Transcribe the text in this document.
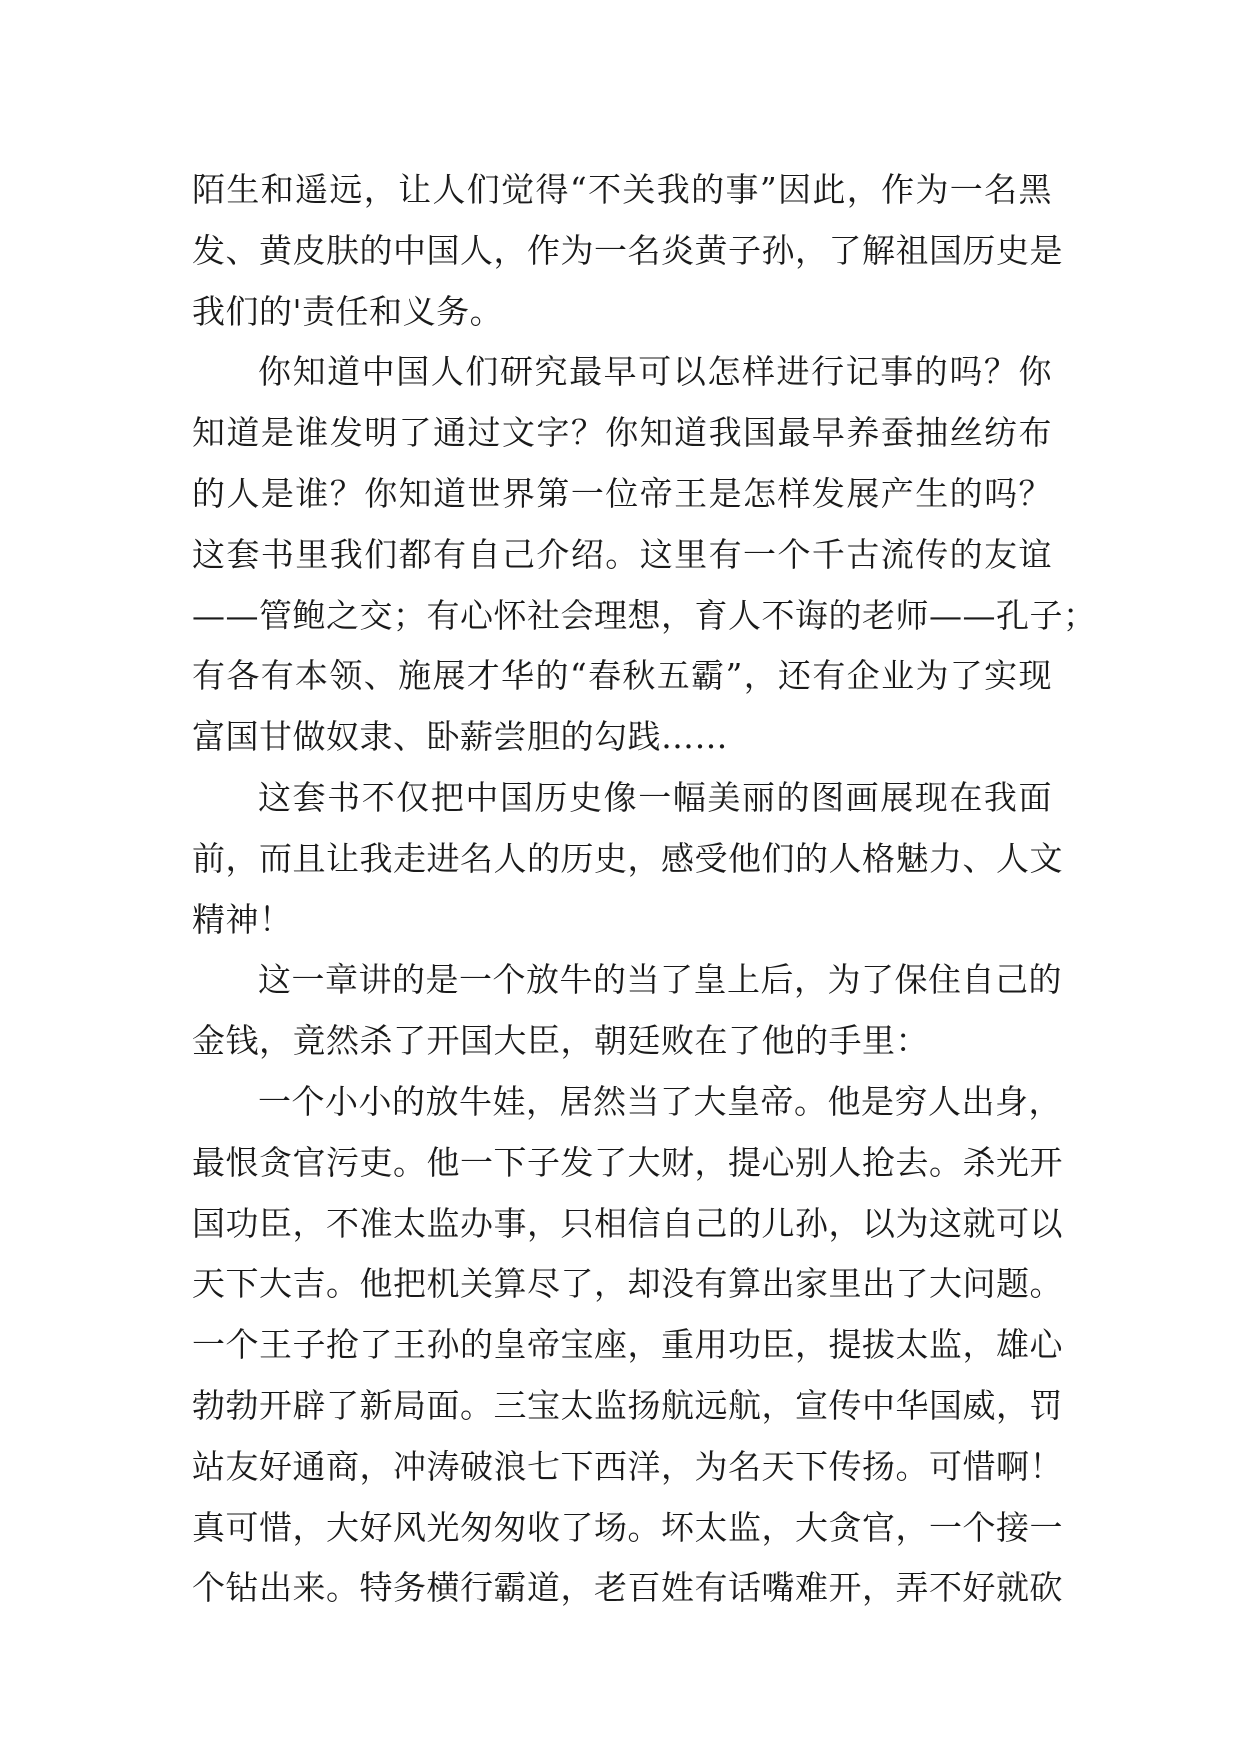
陌生和遥远，让人们觉得“不关我的事”因此，作为一名黑
发、黄皮肤的中国人，作为一名炎黄子孙，了解祖国历史是
我们的'责任和义务。
你知道中国人们研究最早可以怎样进行记事的吗？你
知道是谁发明了通过文字？你知道我国最早养蚕抽丝纺布
的人是谁？你知道世界第一位帝王是怎样发展产生的吗？
这套书里我们都有自己介绍。这里有一个千古流传的友谊
——管鲍之交；有心怀社会理想，育人不诲的老师——孔子；
有各有本领、施展才华的“春秋五霸”，还有企业为了实现
富国甘做奴隶、卧薪尝胆的勾践……
这套书不仅把中国历史像一幅美丽的图画展现在我面
前，而且让我走进名人的历史，感受他们的人格魅力、人文
精神！
这一章讲的是一个放牛的当了皇上后，为了保住自己的
金钱，竟然杀了开国大臣，朝廷败在了他的手里：
一个小小的放牛娃，居然当了大皇帝。他是穷人出身，
最恨贪官污吏。他一下子发了大财，提心别人抢去。杀光开
国功臣，不准太监办事，只相信自己的儿孙，以为这就可以
天下大吉。他把机关算尽了，却没有算出家里出了大问题。
一个王子抢了王孙的皇帝宝座，重用功臣，提拔太监，雄心
勃勃开辟了新局面。三宝太监扬航远航，宣传中华国威，罚
站友好通商，冲涛破浪七下西洋，为名天下传扬。可惜啊！
真可惜，大好风光匆匆收了场。坏太监，大贪官，一个接一
个钻出来。特务横行霸道，老百姓有话嘴难开，弄不好就砍
